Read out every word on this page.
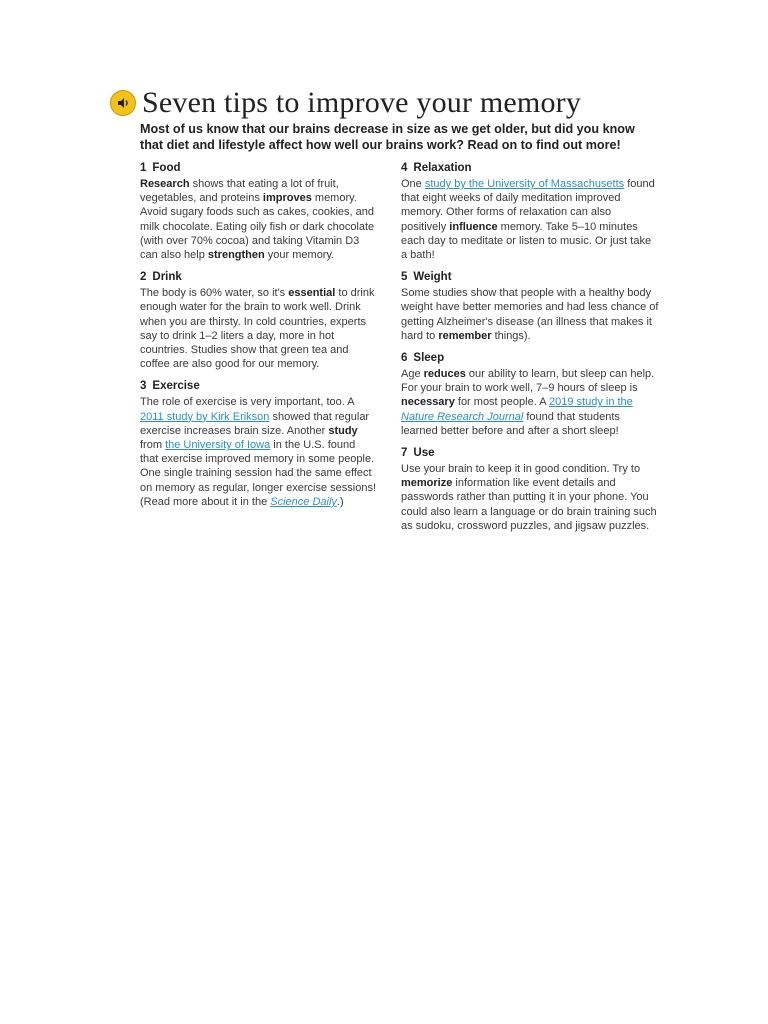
Seven tips to improve your memory

Most of us know that our brains decrease in size as we get older, but did you know that diet and lifestyle affect how well our brains work? Read on to find out more!

1 Food

Research shows that eating a lot of fruit, vegetables, and proteins improves memory. Avoid sugary foods such as cakes, cookies, and milk chocolate. Eating oily fish or dark chocolate (with over 70% cocoa) and taking Vitamin D3 can also help strengthen your memory.

2 Drink

The body is 60% water, so it's essential to drink enough water for the brain to work well. Drink when you are thirsty. In cold countries, experts say to drink 1–2 liters a day, more in hot countries. Studies show that green tea and coffee are also good for our memory.

3 Exercise

The role of exercise is very important, too. A 2011 study by Kirk Erikson showed that regular exercise increases brain size. Another study from the University of Iowa in the U.S. found that exercise improved memory in some people. One single training session had the same effect on memory as regular, longer exercise sessions! (Read more about it in the Science Daily.)

4 Relaxation

One study by the University of Massachusetts found that eight weeks of daily meditation improved memory. Other forms of relaxation can also positively influence memory. Take 5–10 minutes each day to meditate or listen to music. Or just take a bath!

5 Weight

Some studies show that people with a healthy body weight have better memories and had less chance of getting Alzheimer's disease (an illness that makes it hard to remember things).

6 Sleep

Age reduces our ability to learn, but sleep can help. For your brain to work well, 7–9 hours of sleep is necessary for most people. A 2019 study in the Nature Research Journal found that students learned better before and after a short sleep!

7 Use

Use your brain to keep it in good condition. Try to memorize information like event details and passwords rather than putting it in your phone. You could also learn a language or do brain training such as sudoku, crossword puzzles, and jigsaw puzzles.
